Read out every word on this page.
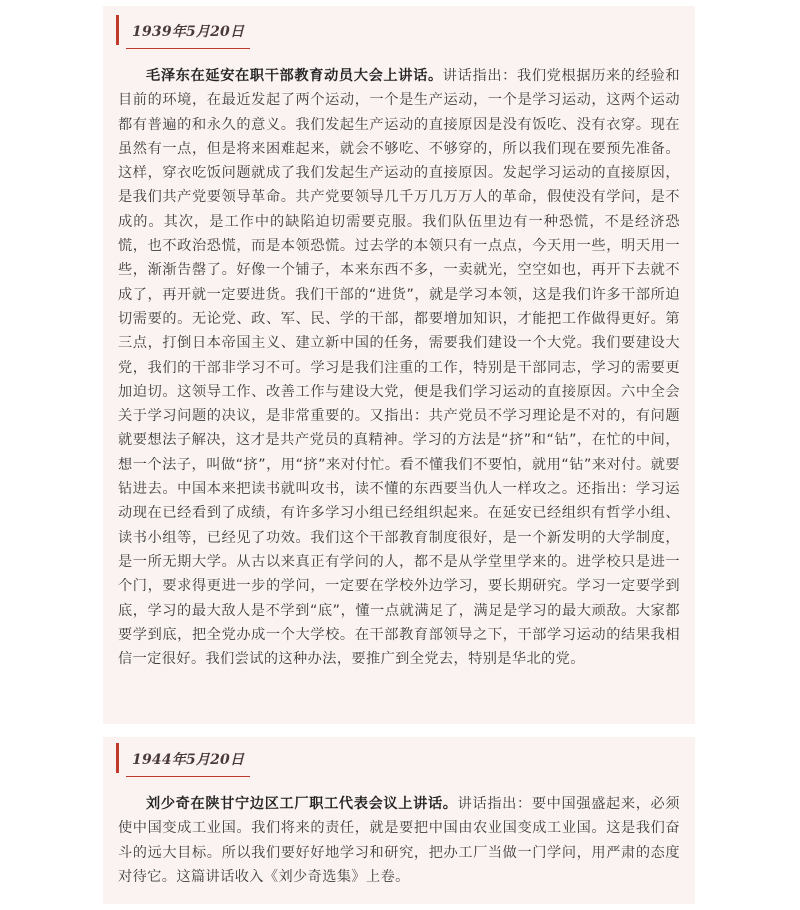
1939年5月20日
毛泽东在延安在职干部教育动员大会上讲话。讲话指出：我们党根据历来的经验和目前的环境，在最近发起了两个运动，一个是生产运动，一个是学习运动，这两个运动都有普遍的和永久的意义。我们发起生产运动的直接原因是没有饭吃、没有衣穿。现在虽然有一点，但是将来困难起来，就会不够吃、不够穿的，所以我们现在要预先准备。这样，穿衣吃饭问题就成了我们发起生产运动的直接原因。发起学习运动的直接原因，是我们共产党要领导革命。共产党要领导几千万几万万人的革命，假使没有学问，是不成的。其次，是工作中的缺陷迫切需要克服。我们队伍里边有一种恐慌，不是经济恐慌，也不政治恐慌，而是本领恐慌。过去学的本领只有一点点，今天用一些，明天用一些，渐渐告罄了。好像一个铺子，本来东西不多，一卖就光，空空如也，再开下去就不成了，再开就一定要进货。我们干部的“进货”，就是学习本领，这是我们许多干部所迫切需要的。无论党、政、军、民、学的干部，都要增加知识，才能把工作做得更好。第三点，打倒日本帝国主义、建立新中国的任务，需要我们建设一个大党。我们要建设大党，我们的干部非学习不可。学习是我们注重的工作，特别是干部同志，学习的需要更加迫切。这领导工作、改善工作与建设大党，便是我们学习运动的直接原因。六中全会关于学习问题的决议，是非常重要的。又指出：共产党员不学习理论是不对的，有问题就要想法子解决，这才是共产党员的真精神。学习的方法是“挤”和“钻”，在忙的中间，想一个法子，叫做“挤”，用“挤”来对付忙。看不懂我们不要怕，就用“钻”来对付。就要钻进去。中国本来把读书就叫攻书，读不懂的东西要当仇人一样攻之。还指出：学习运动现在已经看到了成绩，有许多学习小组已经组织起来。在延安已经组织有哲学小组、读书小组等，已经见了功效。我们这个干部教育制度很好，是一个新发明的大学制度，是一所无期大学。从古以来真正有学问的人，都不是从学堂里学来的。进学校只是进一个门，要求得更进一步的学问，一定要在学校外边学习，要长期研究。学习一定要学到底，学习的最大敌人是不学到“底”，懂一点就满足了，满足是学习的最大顽敌。大家都要学到底，把全党办成一个大学校。在干部教育部领导之下，干部学习运动的结果我相信一定很好。我们尝试的这种办法，要推广到全党去，特别是华北的党。
1944年5月20日
刘少奇在陕甘宁边区工厂职工代表会议上讲话。讲话指出：要中国强盛起来，必须使中国变成工业国。我们将来的责任，就是要把中国由农业国变成工业国。这是我们奋斗的远大目标。所以我们要好好地学习和研究，把办工厂当做一门学问，用严肃的态度对待它。这篇讲话收入《刘少奇选集》上卷。
